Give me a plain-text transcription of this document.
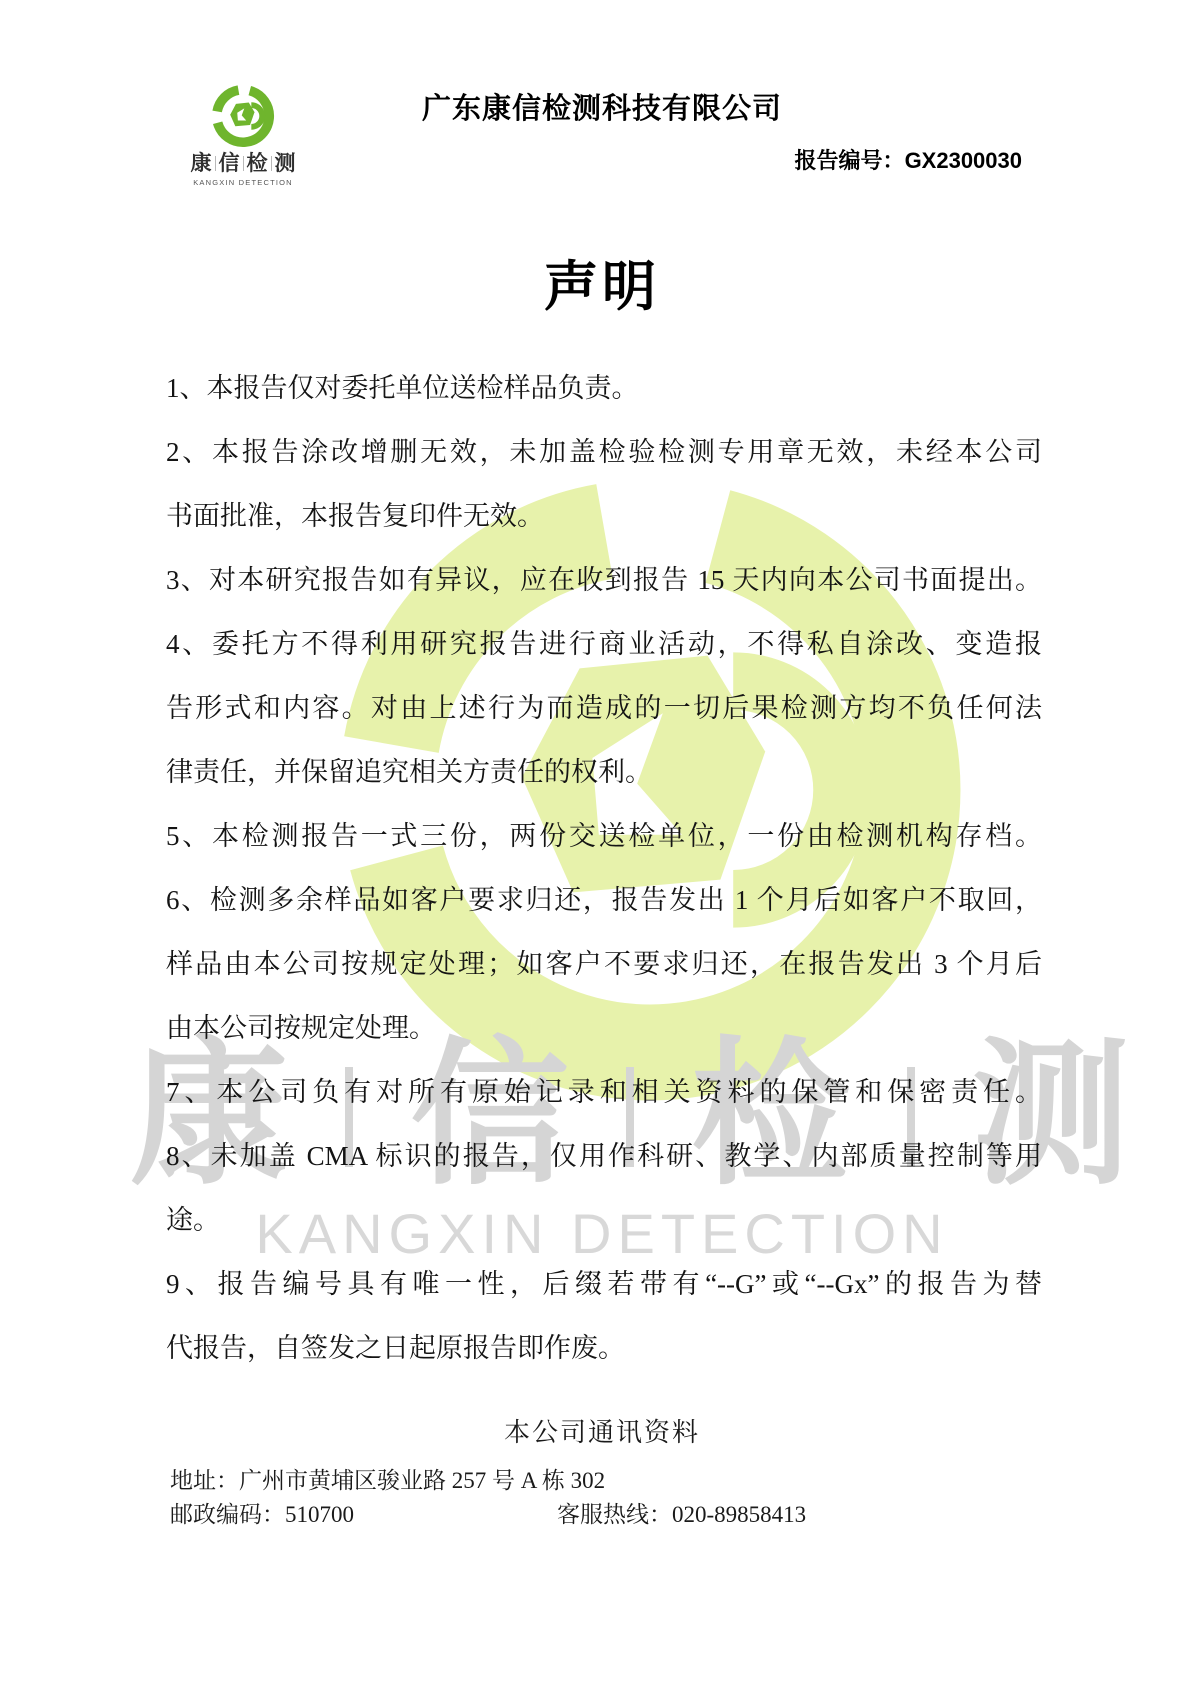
康 信 检 测
KANGXIN DETECTION
康 信 检 测
KANGXIN DETECTION
广东康信检测科技有限公司
报告编号：GX2300030
声明
1、本报告仅对委托单位送检样品负责。
2、本报告涂改增删无效，未加盖检验检测专用章无效，未经本公司
书面批准，本报告复印件无效。
3、对本研究报告如有异议，应在收到报告 15 天内向本公司书面提出。
4、委托方不得利用研究报告进行商业活动，不得私自涂改、变造报
告形式和内容。对由上述行为而造成的一切后果检测方均不负任何法
律责任，并保留追究相关方责任的权利。
5、本检测报告一式三份，两份交送检单位，一份由检测机构存档。
6、检测多余样品如客户要求归还，报告发出 1 个月后如客户不取回，
样品由本公司按规定处理；如客户不要求归还，在报告发出 3 个月后
由本公司按规定处理。
7、本公司负有对所有原始记录和相关资料的保管和保密责任。
8、未加盖 CMA 标识的报告，仅用作科研、教学、内部质量控制等用
途。
9、报告编号具有唯一性，后缀若带有“--G”或“--Gx”的报告为替
代报告，自签发之日起原报告即作废。
本公司通讯资料
地址：广州市黄埔区骏业路 257 号 A 栋 302
邮政编码：510700	客服热线：020-89858413
